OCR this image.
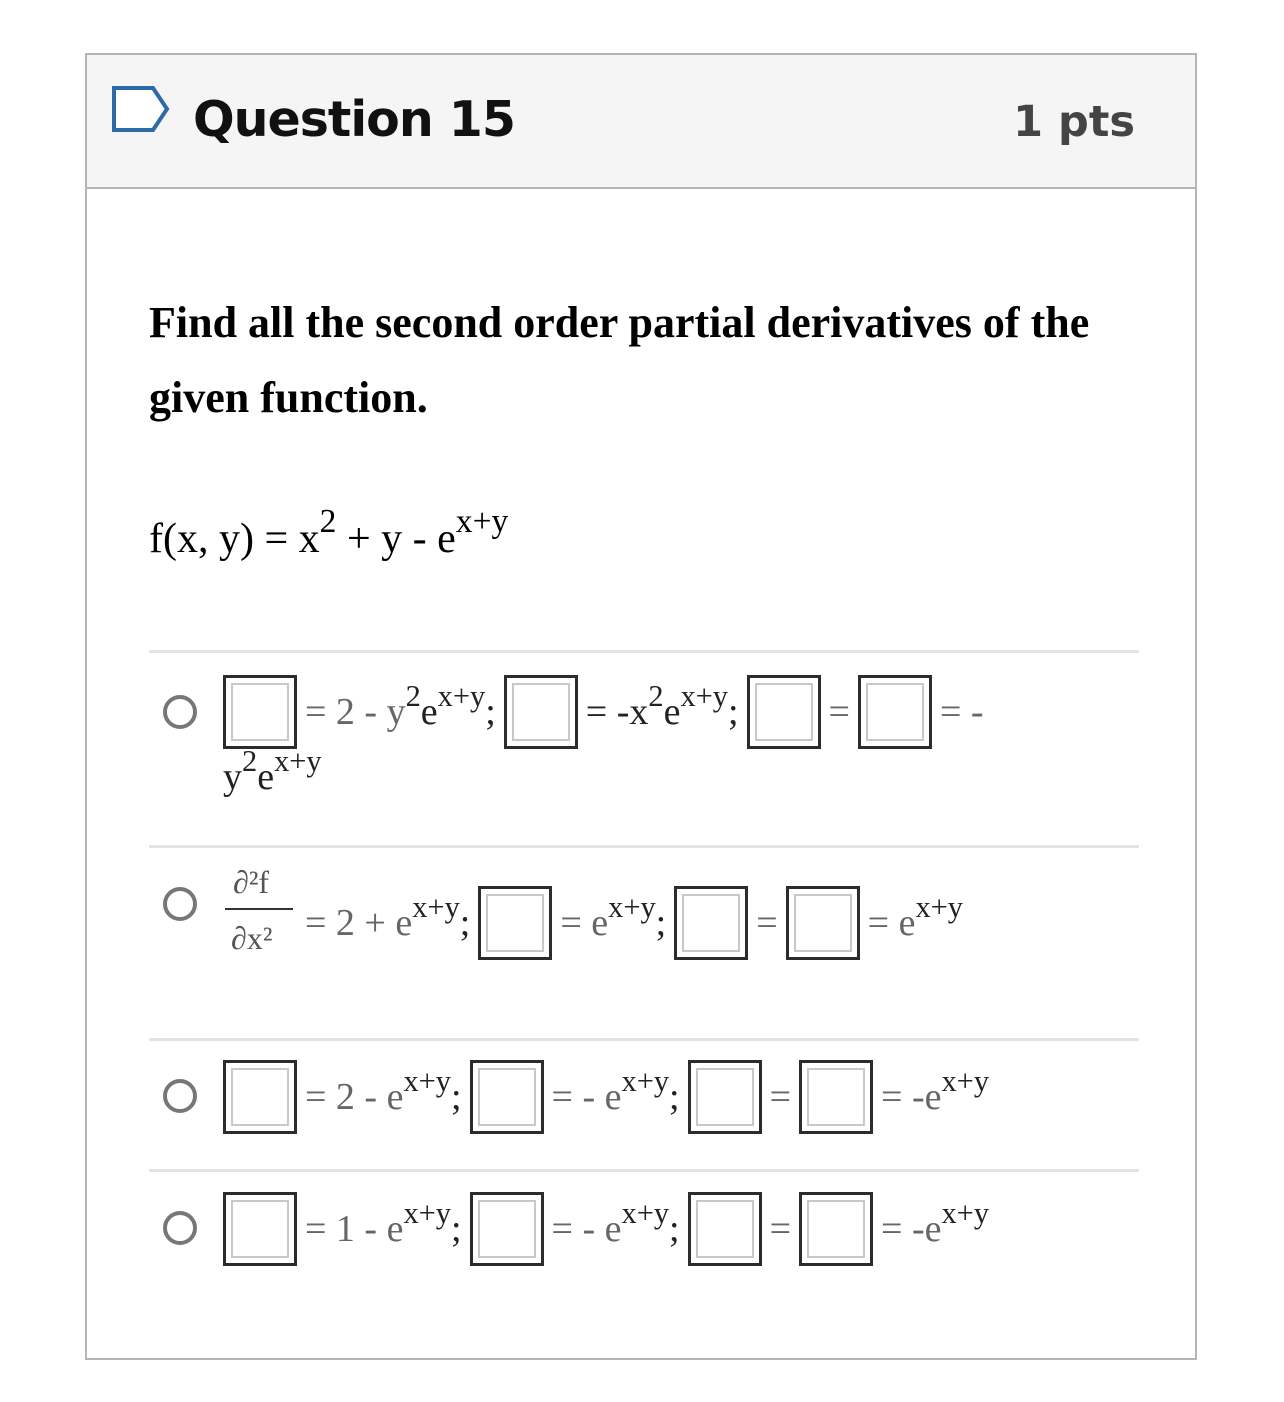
Question 15	1 pts
Find all the second order partial derivatives of the given function.
f(x, $y) = x^2 + y - e^{x+y}$
= $2 - y^2e^{x+y}$; = $-x^2e^{x+y}$; = = -
$y^2e^{x+y}$
∂²f
$\partial x^2 = 2 + e^{x+y}$; = $e^{x+y}$; = = $e^{x+y}$
= $2 - e^{x+y}$; = - $e^{x+y}$; = = $-e^{x+y}$
= $1 - e^{x+y}$; = - $e^{x+y}$; = = $-e^{x+y}$
